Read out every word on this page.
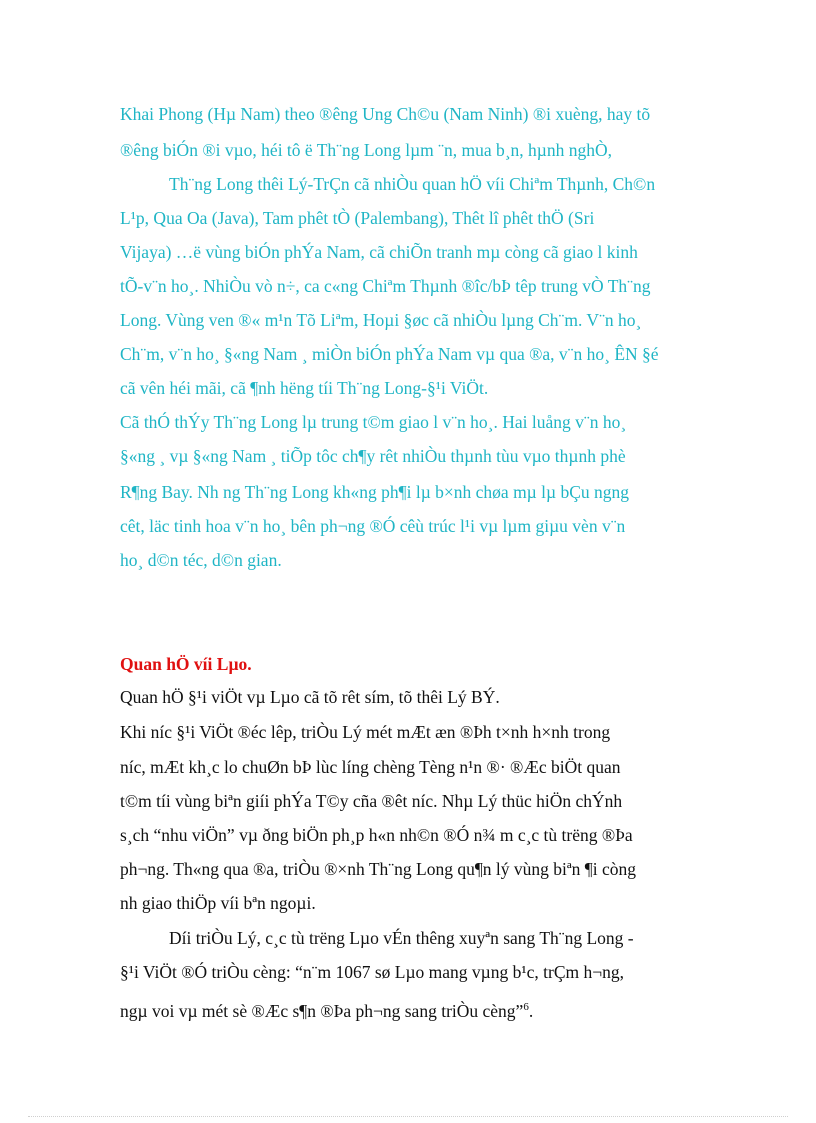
Khai Phong (Hµ Nam) theo ®êng Ung Ch©u (Nam Ninh) ®i xuèng, hay tõ
®êng biÓn ®i vµo, héi tô ë Th¨ng Long lµm ¨n, mua b¸n, hµnh nghÒ,
Th¨ng Long thêi Lý-TrÇn cã nhiÒu quan hÖ víi Chiªm Thµnh, Ch©n
L¹p, Qua Oa (Java), Tam phêt tÒ (Palembang), Thêt lî phêt thÖ (Sri
Vijaya) …ë vùng biÓn phÝa Nam, cã chiÕn tranh mµ còng cã giao l kinh
tÕ-v¨n ho¸. NhiÒu vò n÷, ca c«ng Chiªm Thµnh ®îc/bÞ têp trung vÒ Th¨ng
Long. Vùng ven ®« m¹n Tõ Liªm, Hoµi §øc cã nhiÒu lµng Ch¨m. V¨n ho¸
Ch¨m, v¨n ho¸ §«ng Nam ¸ miÒn biÓn phÝa Nam vµ qua ®a, v¨n ho¸ ÊN §é
cã vên héi mãi, cã ¶nh hëng tíi Th¨ng Long-§¹i ViÖt.
Cã thÓ thÝy Th¨ng Long lµ trung t©m giao l v¨n ho¸. Hai luång v¨n ho¸
§«ng ¸ vµ §«ng Nam ¸ tiÕp tôc ch¶y rêt nhiÒu thµnh tùu vµo thµnh phè
R¶ng Bay. Nh ng Th¨ng Long kh«ng ph¶i lµ b×nh chøa mµ lµ bÇu ngng
cêt, läc tinh hoa v¨n ho¸ bên ph¬ng ®Ó cêù trúc l¹i vµ lµm giµu vèn v¨n
ho¸ d©n téc, d©n gian.
Quan hÖ víi Lµo.
Quan hÖ §¹i viÖt vµ Lµo cã tõ rêt sím, tõ thêi Lý BÝ.
Khi níc §¹i ViÖt ®éc lêp, triÒu Lý mét mÆt æn ®Þh t×nh h×nh trong
níc, mÆt kh¸c lo chuØn bÞ lùc líng chèng Tèng n¹n ®· ®Æc biÖt quan
t©m tíi vùng biªn giíi phÝa T©y cña ®êt níc. Nhµ Lý thüc hiÖn chÝnh
s¸ch “nhu viÖn” vµ ðng biÖn ph¸p h«n nh©n ®Ó n¾ m c¸c tù trëng ®Þa
ph¬ng. Th«ng qua ®a, triÒu ®×nh Th¨ng Long qu¶n lý vùng biªn ¶i còng
nh giao thiÖp víi bªn ngoµi.
Díi triÒu Lý, c¸c tù trëng Lµo vÉn thêng xuyªn sang Th¨ng Long -
§¹i ViÖt ®Ó triÒu cèng: “n¨m 1067 sø Lµo mang vµng b¹c, trÇm h¬ng,
ngµ voi vµ mét sè ®Æc s¶n ®Þa ph¬ng sang triÒu cèng”$^6$.
